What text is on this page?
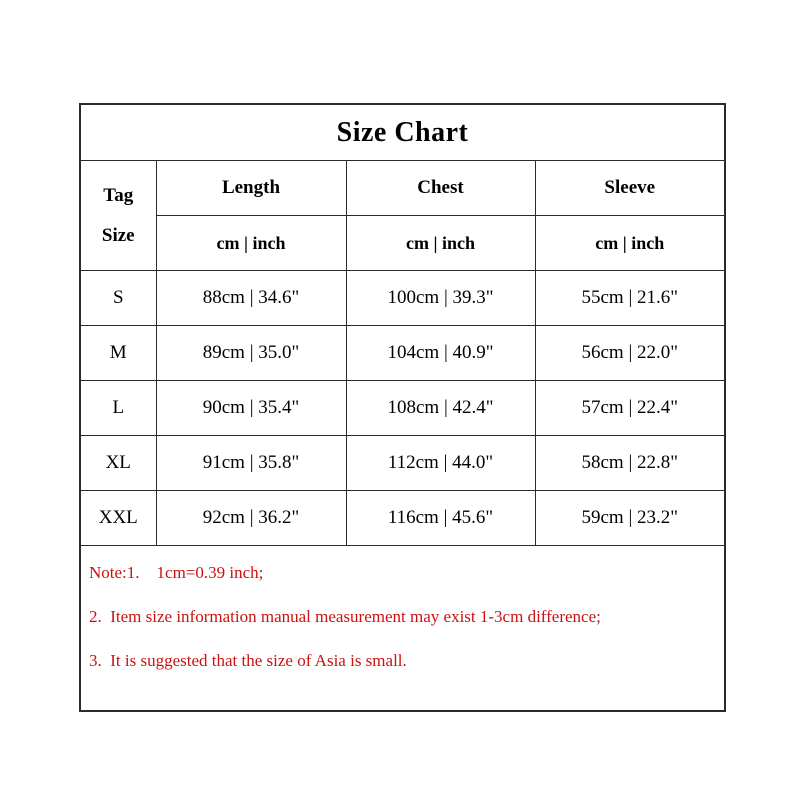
Size Chart			

Tag
Size	Length	Chest	Sleeve
	cm | inch	cm | inch	cm | inch
S	88cm | 34.6"	100cm | 39.3"	55cm | 21.6"
M	89cm | 35.0"	104cm | 40.9"	56cm | 22.0"
L	90cm | 35.4"	108cm | 42.4"	57cm | 22.4"
XL	91cm | 35.8"	112cm | 44.0"	58cm | 22.8"
XXL	92cm | 36.2"	116cm | 45.6"	59cm | 23.2"

Note:1.    1cm=0.39 inch;

2.  Item size information manual measurement may exist 1-3cm difference;

3.  It is suggested that the size of Asia is small.			
